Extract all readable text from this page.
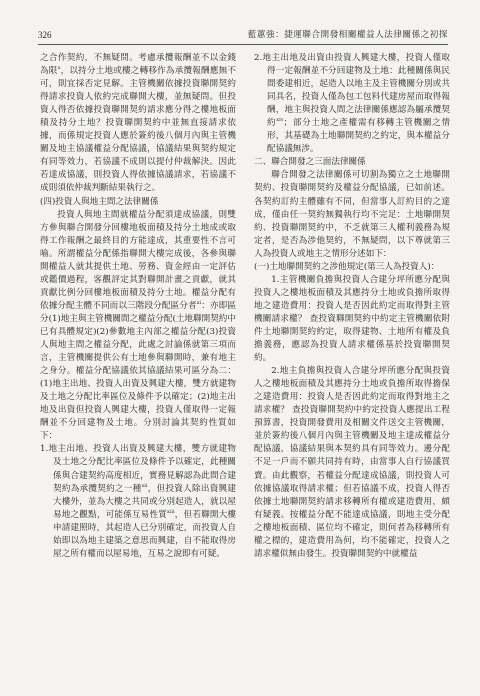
326	藍蕙強：捷運聯合開發相關權益人法律關係之初探

之合作契約，不無疑問。考慮承攬報酬並不以金錢為限$^x$，以持分土地或樓之轉移作為承攬報酬應無不可，則宜採否定見解。主管機關依據投資聯開契約得請求投資人依約完成聯開大樓，並無疑問。但投資人得否依據投資聯開契約請求應分得之樓地板面積及持分土地？投資聯開契約中並無直接請求依據，而係規定投資人應於簽約後八個月內與主管機關及地主協議權益分配協議，協議結果與契約規定有同等效力，若協議不成則以提付仲裁解決。因此若達成協議，則投資人得依據協議請求，若協議不成則須依仲裁判斷結果執行之。

(四)投資人與地主間之法律關係

投資人與地主間就權益分配須達成協議，則雙方參與聯合開發分回樓地板面積及持分土地成或取得工作報酬之最終目的方能達成，其重要性不言可喻。所謂權益分配係指聯開大樓完成後，各參與聯開權益人就其提供土地、勞務、資金經由一定評估或鑑價過程，客觀評定其對聯開計畫之貢獻，就其貢獻比例分回樓地板面積及持分土地。權益分配有依據分配主體不同而以三階段分配區分者$^{xi}$：亦即區分(1)地主與主管機關間之權益分配(土地聯開契約中已有具體規定)(2)參數地主內部之權益分配(3)投資人與地主間之權益分配，此處之討論係就第三項而言，主管機關提供公有土地參與聯開時，兼有地主之身分。權益分配協議依其協議結果可區分為二：(1)地主出地、投資人出資及興建大樓，雙方就建物及土地之分配比率區位及條件予以確定；(2)地主出地及出資但投資人興建大樓，投資人僅取得一定報酬並不分回建物及土地。分別討論其契約性質如下：

1.地主出地、投資人出資及興建大樓，雙方就建物及土地之分配比率區位及條件予以確定，此種關係與合建契約高度相近，實務見解認為此間合建契約為承攬契約之一種$^{xii}$，但投資人除出資興建大樓外，並為大樓之共同或分別起造人，就以屋易地之觀點，可能係互易性質$^{xiii}$，但若聯開大樓申請建照時，其起造人已分別確定，而投資人自始即以為地主建築之意思而興建，自不能取得房屋之所有權而以屋易地，互易之說即有可疑。

2.地主出地及出資由投資人興建大樓，投資人僅取得一定報酬並不分回建物及土地：此種關係與民間委建相近，起造人以地主及主管機關分別或共同具名，投資人僅為包工包料代建房屋而取得報酬，地主與投資人間之法律關係應認為屬承攬契約$^{xiv}$；部分土地之產權需有移轉主管機關之情形，其基礎為土地聯開契約之約定，與本權益分配協議無涉。

二、聯合開發之三面法律關係

聯合開發之法律關係可切割為獨立之土地聯開契約、投資聯開契約及權益分配協議，已如前述。各契約訂約主體雖有不同，但當事人訂約目的之達成，僅由任一契約無獨執行均不完足：土地聯開契約、投資聯開契約中，不乏就第三人權利義務為規定者，是否為涉他契約，不無疑問，以下尊就第三人為投資人或地主之情形分述如下：

(一)土地聯開契約之涉他規定(第三人為投資人)：

1.主管機關負擔與投資人合建分坪所應分配與投資人之樓地板面積及其應持分土地或負擔所取得地之建造費用：投資人是否因此約定而取得對主管機關請求權？ 查投資聯開契約中約定主管機關依附件土地聯開契約約定，取得建物、土地所有權及負擔義務，應認為投資人請求權係基於投資聯開契約。

2.地主負擔與投資人合建分坪所應分配與投資人之樓地板面積及其應持分土地或負擔所取得擔保之建造費用：投資人是否因此約定而取得對地主之請求權？ 查投資聯開契約中約定投資人應提出工程預算書，投資開發費用及相關文件送交主管機關，並於簽約後八個月內與主管機關及地主達成權益分配協議，協議結果與本契約具有同等效力。邊分配不足一戶而不願共同持有時，由當事人自行協議買賣。由此觀察，若權益分配達成協議，則投資人可依據協議取得請求權；但若協議不成，投資人得否依據土地聯開契約請求移轉所有權或建造費用，頗有疑義。按權益分配不能達成協議，則地主受分配之樓地板面積、區位均不確定，則何者為移轉所有權之標的，建造費用為何，均不能確定，投資人之請求權似無由發生。投資聯開契約中就權益
